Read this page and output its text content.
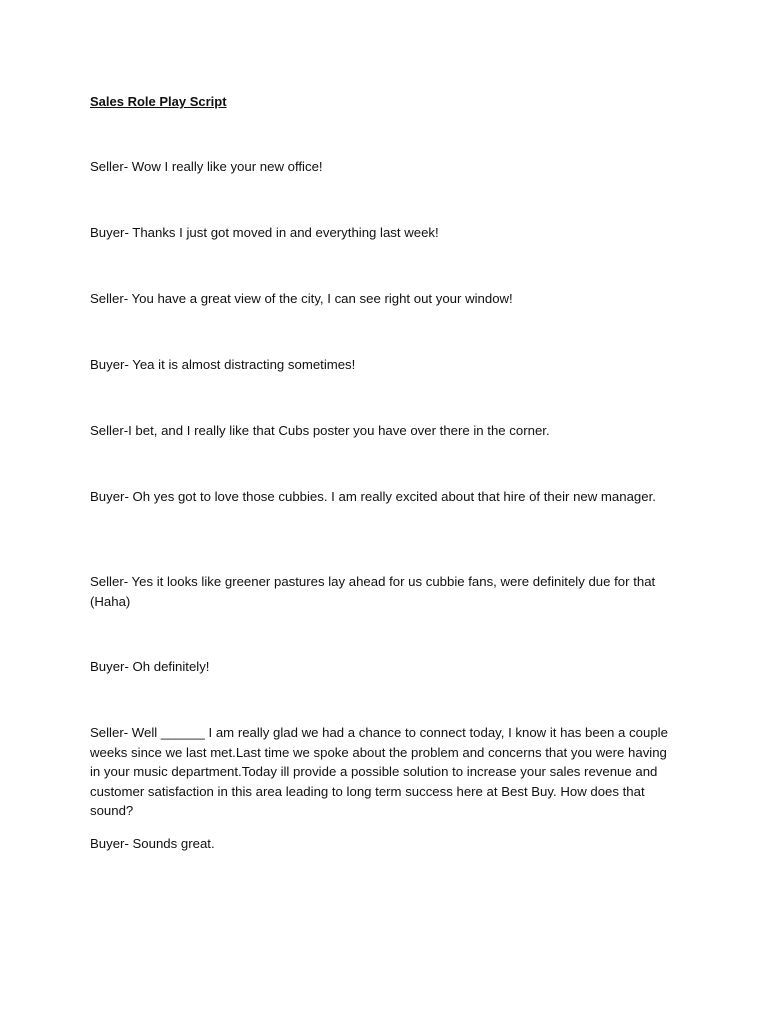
Sales Role Play Script

Seller- Wow I really like your new office!

Buyer- Thanks I just got moved in and everything last week!

Seller- You have a great view of the city, I can see right out your window!

Buyer- Yea it is almost distracting sometimes!

Seller-I bet, and I really like that Cubs poster you have over there in the corner.

Buyer- Oh yes got to love those cubbies. I am really excited about that hire of their new manager.

Seller- Yes it looks like greener pastures lay ahead for us cubbie fans, were definitely due for that (Haha)

Buyer- Oh definitely!

Seller- Well ______ I am really glad we had a chance to connect today, I know it has been a couple weeks since we last met.Last time we spoke about the problem and concerns that you were having in your music department.Today ill provide a possible solution to increase your sales revenue and customer satisfaction in this area leading to long term success here at Best Buy. How does that sound?

Buyer- Sounds great.
